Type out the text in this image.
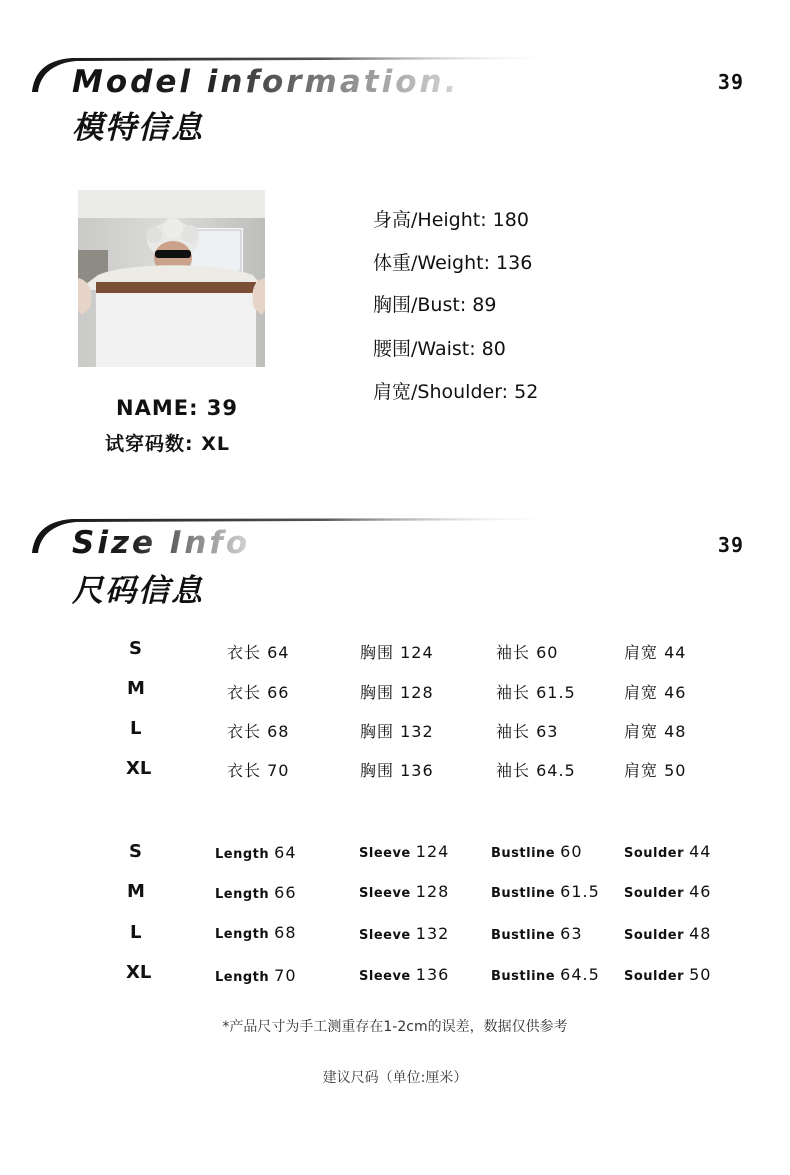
Model information.
模特信息
39
NAME: 39
试穿码数: XL
身高/Height: 180
体重/Weight: 136
胸围/Bust: 89
腰围/Waist: 80
肩宽/Shoulder: 52
Size Info
尺码信息
39
S	衣长 64	胸围 124	袖长 60	肩宽 44
M	衣长 66	胸围 128	袖长 61.5	肩宽 46
L	衣长 68	胸围 132	袖长 63	肩宽 48
XL	衣长 70	胸围 136	袖长 64.5	肩宽 50
S	Length 64	Sleeve 124	Bustline 60	Soulder 44
M	Length 66	Sleeve 128	Bustline 61.5 Soulder 46
L	Length 68	Sleeve 132	Bustline 63	Soulder 48
XL	Length 70	Sleeve 136	Bustline 64.5 Soulder 50
*产品尺寸为手工测重存在1-2cm的误差，数据仅供参考
建议尺码（单位:厘米）
